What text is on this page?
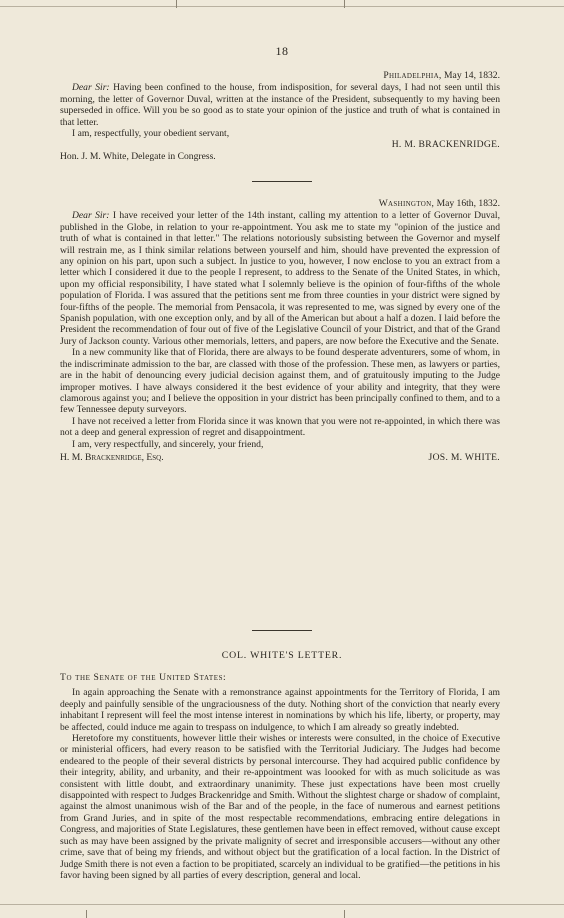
18
Philadelphia, May 14, 1832.

Dear Sir: Having been confined to the house, from indisposition, for several days, I had not seen until this morning, the letter of Governor Duval, written at the instance of the President, subsequently to my having been superseded in office. Will you be so good as to state your opinion of the justice and truth of what is contained in that letter.

I am, respectfully, your obedient servant,

H. M. BRACKENRIDGE.

Hon. J. M. White, Delegate in Congress.

Washington, May 16th, 1832.

Dear Sir: I have received your letter of the 14th instant, calling my attention to a letter of Governor Duval, published in the Globe, in relation to your re-appointment. You ask me to state my "opinion of the justice and truth of what is contained in that letter." The relations notoriously subsisting between the Governor and myself will restrain me, as I think similar relations between yourself and him, should have prevented the expression of any opinion on his part, upon such a subject. In justice to you, however, I now enclose to you an extract from a letter which I considered it due to the people I represent, to address to the Senate of the United States, in which, upon my official responsibility, I have stated what I solemnly believe is the opinion of four-fifths of the whole population of Florida. I was assured that the petitions sent me from three counties in your district were signed by four-fifths of the people. The memorial from Pensacola, it was represented to me, was signed by every one of the Spanish population, with one exception only, and by all of the American but about a half a dozen. I laid before the President the recommendation of four out of five of the Legislative Council of your District, and that of the Grand Jury of Jackson county. Various other memorials, letters, and papers, are now before the Executive and the Senate.

In a new community like that of Florida, there are always to be found desperate adventurers, some of whom, in the indiscriminate admission to the bar, are classed with those of the profession. These men, as lawyers or parties, are in the habit of denouncing every judicial decision against them, and of gratuitously imputing to the Judge improper motives. I have always considered it the best evidence of your ability and integrity, that they were clamorous against you; and I believe the opposition in your district has been principally confined to them, and to a few Tennessee deputy surveyors.

I have not received a letter from Florida since it was known that you were not re-appointed, in which there was not a deep and general expression of regret and disappointment.

I am, very respectfully, and sincerely, your friend,

H. M. Brackenridge, Esq.	JOS. M. WHITE.
COL. WHITE'S LETTER.

To the Senate of the United States:

In again approaching the Senate with a remonstrance against appointments for the Territory of Florida, I am deeply and painfully sensible of the ungraciousness of the duty. Nothing short of the conviction that nearly every inhabitant I represent will feel the most intense interest in nominations by which his life, liberty, or property, may be affected, could induce me again to trespass on indulgence, to which I am already so greatly indebted.

Heretofore my constituents, however little their wishes or interests were consulted, in the choice of Executive or ministerial officers, had every reason to be satisfied with the Territorial Judiciary. The Judges had become endeared to the people of their several districts by personal intercourse. They had acquired public confidence by their integrity, ability, and urbanity, and their re-appointment was loooked for with as much solicitude as was consistent with little doubt, and extraordinary unanimity. These just expectations have been most cruelly disappointed with respect to Judges Brackenridge and Smith. Without the slightest charge or shadow of complaint, against the almost unanimous wish of the Bar and of the people, in the face of numerous and earnest petitions from Grand Juries, and in spite of the most respectable recommendations, embracing entire delegations in Congress, and majorities of State Legislatures, these gentlemen have been in effect removed, without cause except such as may have been assigned by the private malignity of secret and irresponsible accusers—without any other crime, save that of being my friends, and without object but the gratification of a local faction. In the District of Judge Smith there is not even a faction to be propitiated, scarcely an individual to be gratified—the petitions in his favor having been signed by all parties of every description, general and local.
